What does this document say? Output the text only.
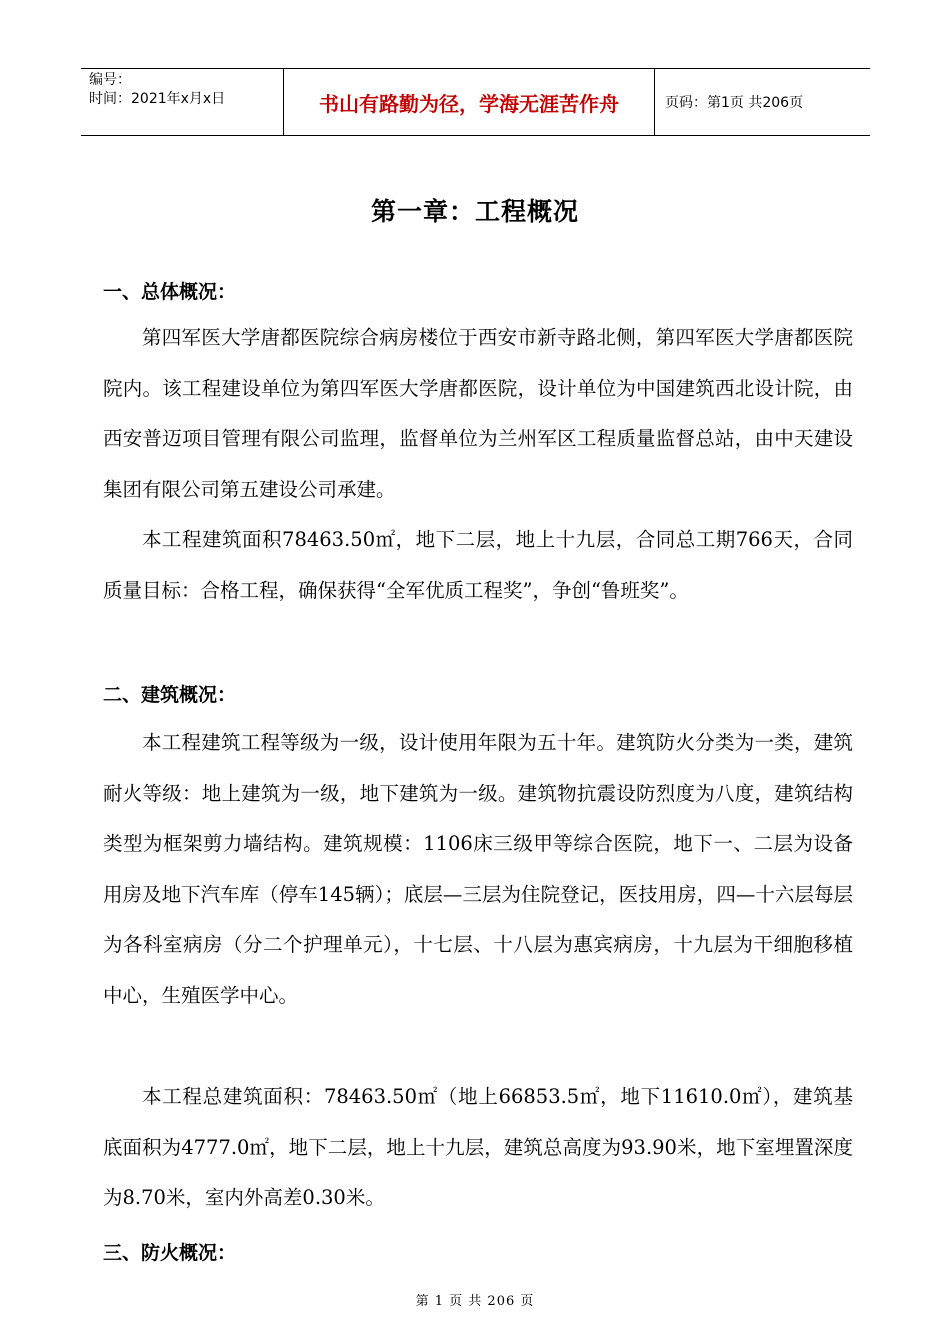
编号：
时间：2021年x月x日	书山有路勤为径，学海无涯苦作舟	页码：第1页 共206页
第一章：工程概况
一、总体概况：

第四军医大学唐都医院综合病房楼位于西安市新寺路北侧，第四军医大学唐都医院院内。该工程建设单位为第四军医大学唐都医院，设计单位为中国建筑西北设计院，由西安普迈项目管理有限公司监理，监督单位为兰州军区工程质量监督总站，由中天建设集团有限公司第五建设公司承建。

本工程建筑面积78463.50㎡，地下二层，地上十九层，合同总工期766天，合同质量目标：合格工程，确保获得“全军优质工程奖”，争创“鲁班奖”。

二、建筑概况：

本工程建筑工程等级为一级，设计使用年限为五十年。建筑防火分类为一类，建筑耐火等级：地上建筑为一级，地下建筑为一级。建筑物抗震设防烈度为八度，建筑结构类型为框架剪力墙结构。建筑规模：1106床三级甲等综合医院，地下一、二层为设备用房及地下汽车库（停车145辆）；底层—三层为住院登记，医技用房，四—十六层每层为各科室病房（分二个护理单元），十七层、十八层为惠宾病房，十九层为干细胞移植中心，生殖医学中心。

本工程总建筑面积：78463.50㎡（地上66853.5㎡，地下11610.0㎡），建筑基底面积为4777.0㎡，地下二层，地上十九层，建筑总高度为93.90米，地下室埋置深度为8.70米，室内外高差0.30米。

三、防火概况：
第 1 页 共 206 页
